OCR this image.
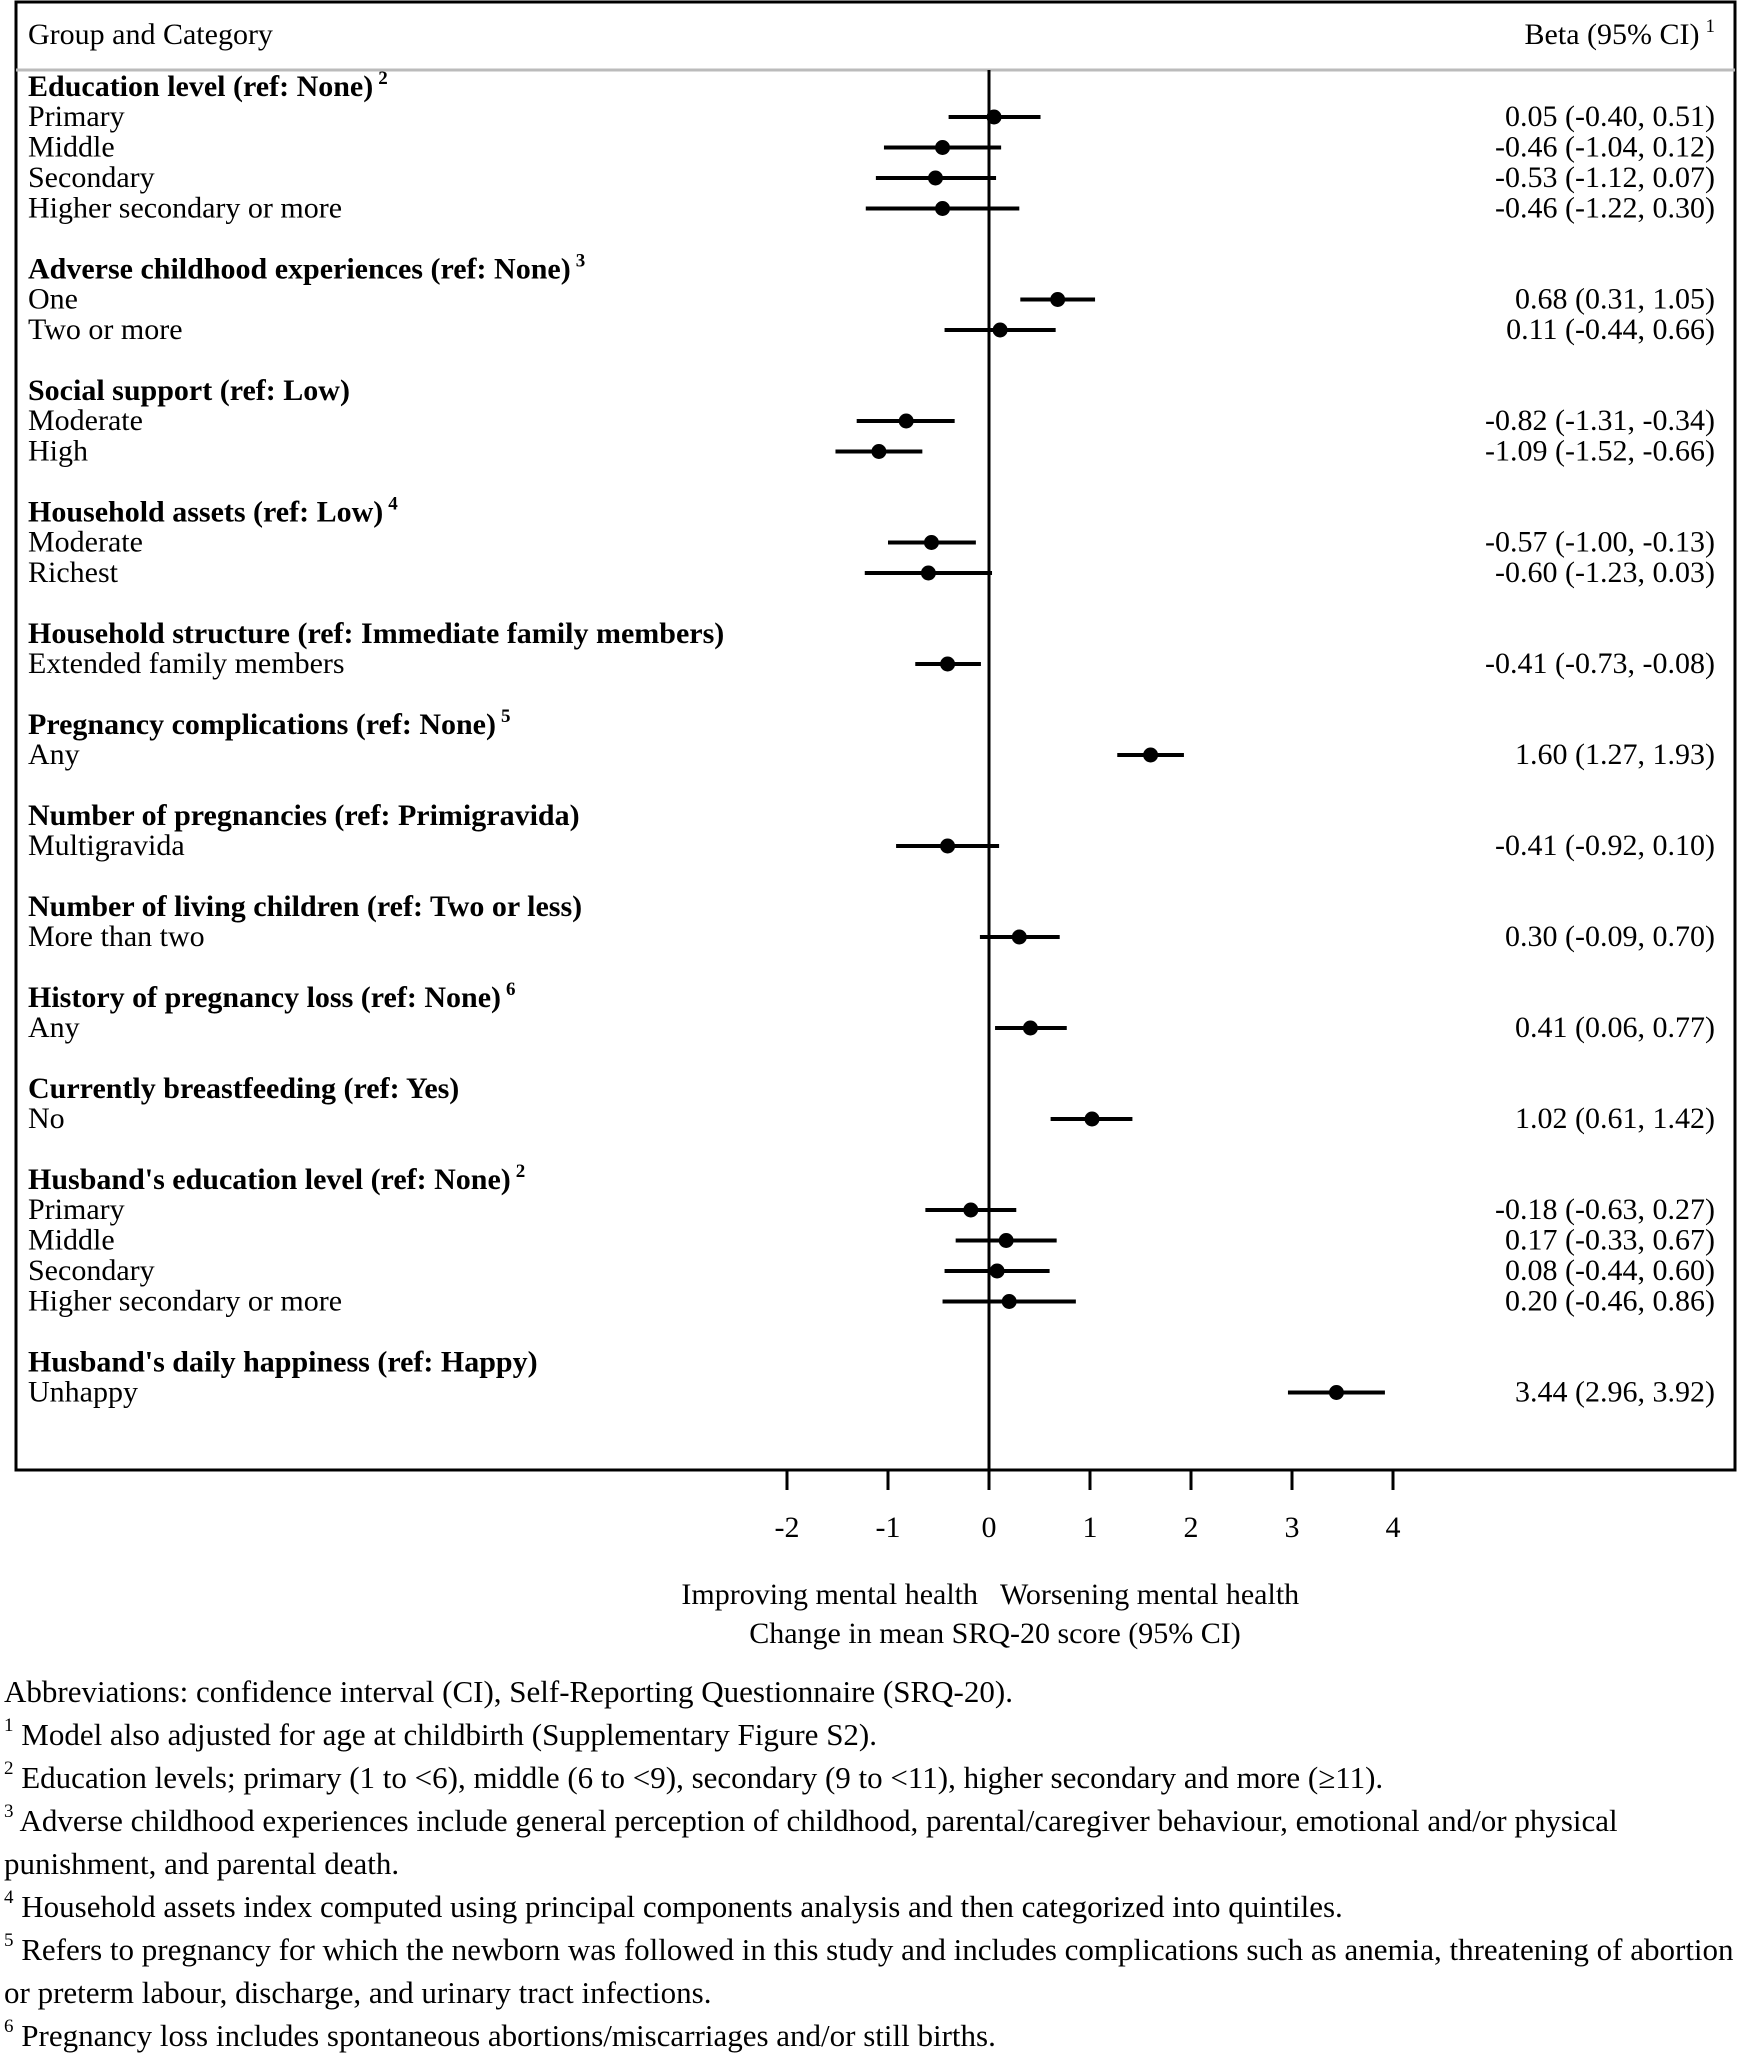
Group and Category	Beta (95% CI) $^1$
Education level (ref: None) $^2$
Primary	0.05 (-0.40, 0.51)
Middle	-0.46 (-1.04, 0.12)
Secondary	-0.53 (-1.12, 0.07)
Higher secondary or more	-0.46 (-1.22, 0.30)
Adverse childhood experiences (ref: None) $^3$
One	0.68 (0.31, 1.05)
Two or more	0.11 (-0.44, 0.66)
Social support (ref: Low)
Moderate	-0.82 (-1.31, -0.34)
High	-1.09 (-1.52, -0.66)
Household assets (ref: Low) $^4$
Moderate	-0.57 (-1.00, -0.13)
Richest	-0.60 (-1.23, 0.03)
Household structure (ref: Immediate family members)
Extended family members	-0.41 (-0.73, -0.08)
Pregnancy complications (ref: None) $^5$
Any	1.60 (1.27, 1.93)
Number of pregnancies (ref: Primigravida)
Multigravida	-0.41 (-0.92, 0.10)
Number of living children (ref: Two or less)
More than two	0.30 (-0.09, 0.70)
History of pregnancy loss (ref: None) $^6$
Any	0.41 (0.06, 0.77)
Currently breastfeeding (ref: Yes)
No	1.02 (0.61, 1.42)
Husband's education level (ref: None) $^2$
Primary	-0.18 (-0.63, 0.27)
Middle	0.17 (-0.33, 0.67)
Secondary	0.08 (-0.44, 0.60)
Higher secondary or more	0.20 (-0.46, 0.86)
Husband's daily happiness (ref: Happy)
Unhappy	3.44 (2.96, 3.92)
-2	-1	0	1	2	3	4
Improving mental health Worsening mental health
Change in mean SRQ-20 score (95% CI)

Abbreviations: confidence interval (CI), Self-Reporting Questionnaire (SRQ-20).

$^1$ Model also adjusted for age at childbirth (Supplementary Figure S2).

$^2$ Education levels; primary (1 to <6), middle (6 to <9), secondary (9 to <11), higher secondary and more (≥11).

$^3$ Adverse childhood experiences include general perception of childhood, parental/caregiver behaviour, emotional and/or physical punishment, and parental death.

$^4$ Household assets index computed using principal components analysis and then categorized into quintiles.

$^5$ Refers to pregnancy for which the newborn was followed in this study and includes complications such as anemia, threatening of abortion or preterm labour, discharge, and urinary tract infections.

$^6$ Pregnancy loss includes spontaneous abortions/miscarriages and/or still births.
